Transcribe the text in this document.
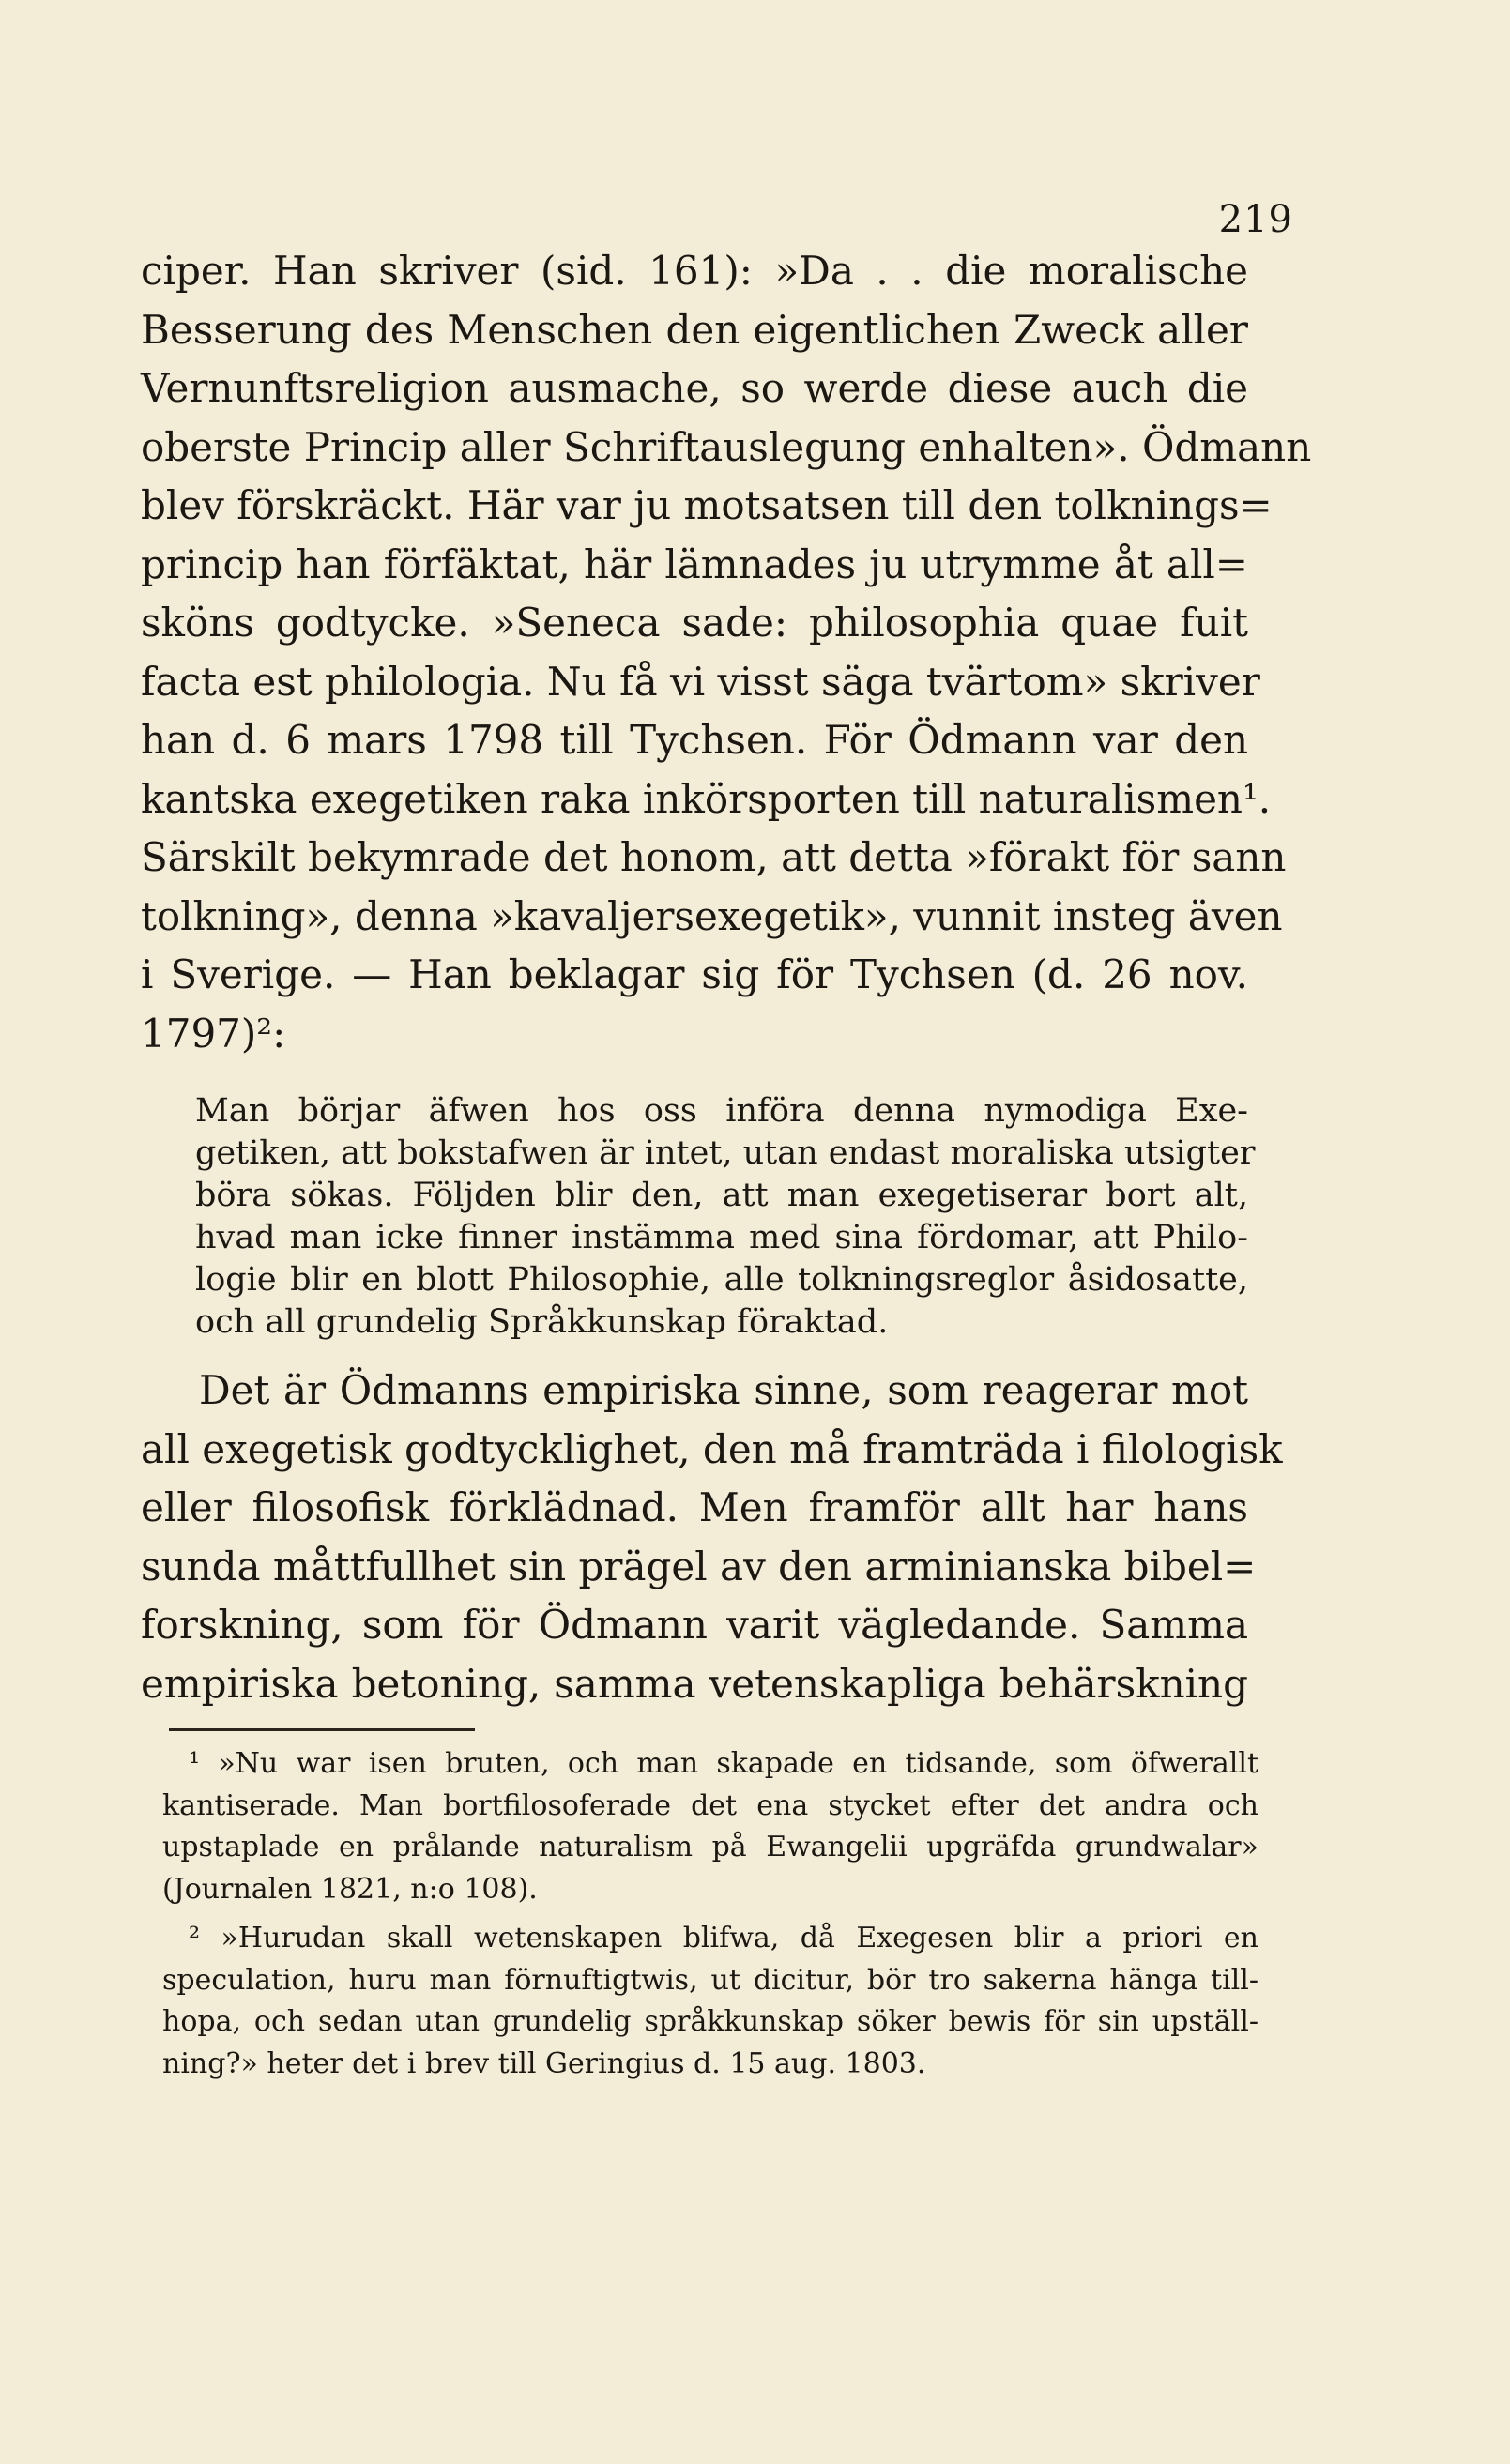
219
ciper. Han skriver (sid. 161): »Da . . die moralische
Besserung des Menschen den eigentlichen Zweck aller
Vernunftsreligion ausmache, so werde diese auch die
oberste Princip aller Schriftauslegung enhalten». Ödmann
blev förskräckt. Här var ju motsatsen till den tolknings=
princip han förfäktat, här lämnades ju utrymme åt all=
sköns godtycke. »Seneca sade: philosophia quae fuit
facta est philologia. Nu få vi visst säga tvärtom» skriver
han d. 6 mars 1798 till Tychsen. För Ödmann var den
kantska exegetiken raka inkörsporten till naturalismen¹.
Särskilt bekymrade det honom, att detta »förakt för sann
tolkning», denna »kavaljersexegetik», vunnit insteg även
i Sverige. — Han beklagar sig för Tychsen (d. 26 nov.
1797)²:
Man börjar äfwen hos oss införa denna nymodiga Exe-
getiken, att bokstafwen är intet, utan endast moraliska utsigter
böra sökas. Följden blir den, att man exegetiserar bort alt,
hvad man icke finner instämma med sina fördomar, att Philo-
logie blir en blott Philosophie, alle tolkningsreglor åsidosatte,
och all grundelig Språkkunskap föraktad.
Det är Ödmanns empiriska sinne, som reagerar mot
all exegetisk godtycklighet, den må framträda i filologisk
eller filosofisk förklädnad. Men framför allt har hans
sunda måttfullhet sin prägel av den arminianska bibel=
forskning, som för Ödmann varit vägledande. Samma
empiriska betoning, samma vetenskapliga behärskning
¹ »Nu war isen bruten, och man skapade en tidsande, som öfwerallt
kantiserade. Man bortfilosoferade det ena stycket efter det andra och
upstaplade en prålande naturalism på Ewangelii upgräfda grundwalar»
(Journalen 1821, n:o 108).
² »Hurudan skall wetenskapen blifwa, då Exegesen blir a priori en
speculation, huru man förnuftigtwis, ut dicitur, bör tro sakerna hänga till-
hopa, och sedan utan grundelig språkkunskap söker bewis för sin upställ-
ning?» heter det i brev till Geringius d. 15 aug. 1803.
